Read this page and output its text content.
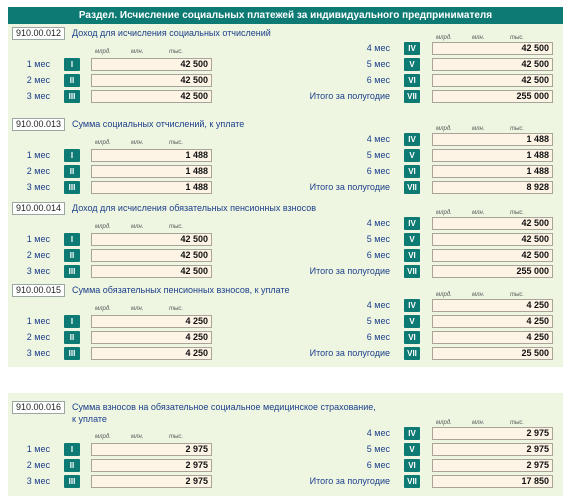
Раздел. Исчисление социальных платежей за индивидуального предпринимателя
910.00.012	Доход для исчисления социальных отчислений	млрд.	млн.	тыс.
млрд.	млн.	тыс.
1 мес	I	42 500
2 мес	II	42 500
3 мес	III	42 500
4 мес	IV	42 500
5 мес	V	42 500
6 мес	VI	42 500
Итого за полугодие	VII	255 000
910.00.013	Сумма социальных отчислений, к уплате	млрд.	млн.	тыс.
млрд.	млн.	тыс.
1 мес	I	1 488
2 мес	II	1 488
3 мес	III	1 488
4 мес	IV	1 488
5 мес	V	1 488
6 мес	VI	1 488
Итого за полугодие	VII	8 928
910.00.014	Доход для исчисления обязательных пенсионных взносов	млрд.	млн.	тыс.
млрд.	млн.	тыс.
1 мес	I	42 500
2 мес	II	42 500
3 мес	III	42 500
4 мес	IV	42 500
5 мес	V	42 500
6 мес	VI	42 500
Итого за полугодие	VII	255 000
910.00.015	Сумма обязательных пенсионных взносов, к уплате	млрд.	млн.	тыс.
млрд.	млн.	тыс.
1 мес	I	4 250
2 мес	II	4 250
3 мес	III	4 250
4 мес	IV	4 250
5 мес	V	4 250
6 мес	VI	4 250
Итого за полугодие	VII	25 500
910.00.016	Сумма взносов на обязательное социальное медицинское страхование,
к уплате	млрд.	млн.	тыс.
млрд.	млн.	тыс.
1 мес	I	2 975
2 мес	II	2 975
3 мес	III	2 975
4 мес	IV	2 975
5 мес	V	2 975
6 мес	VI	2 975
Итого за полугодие	VII	17 850
